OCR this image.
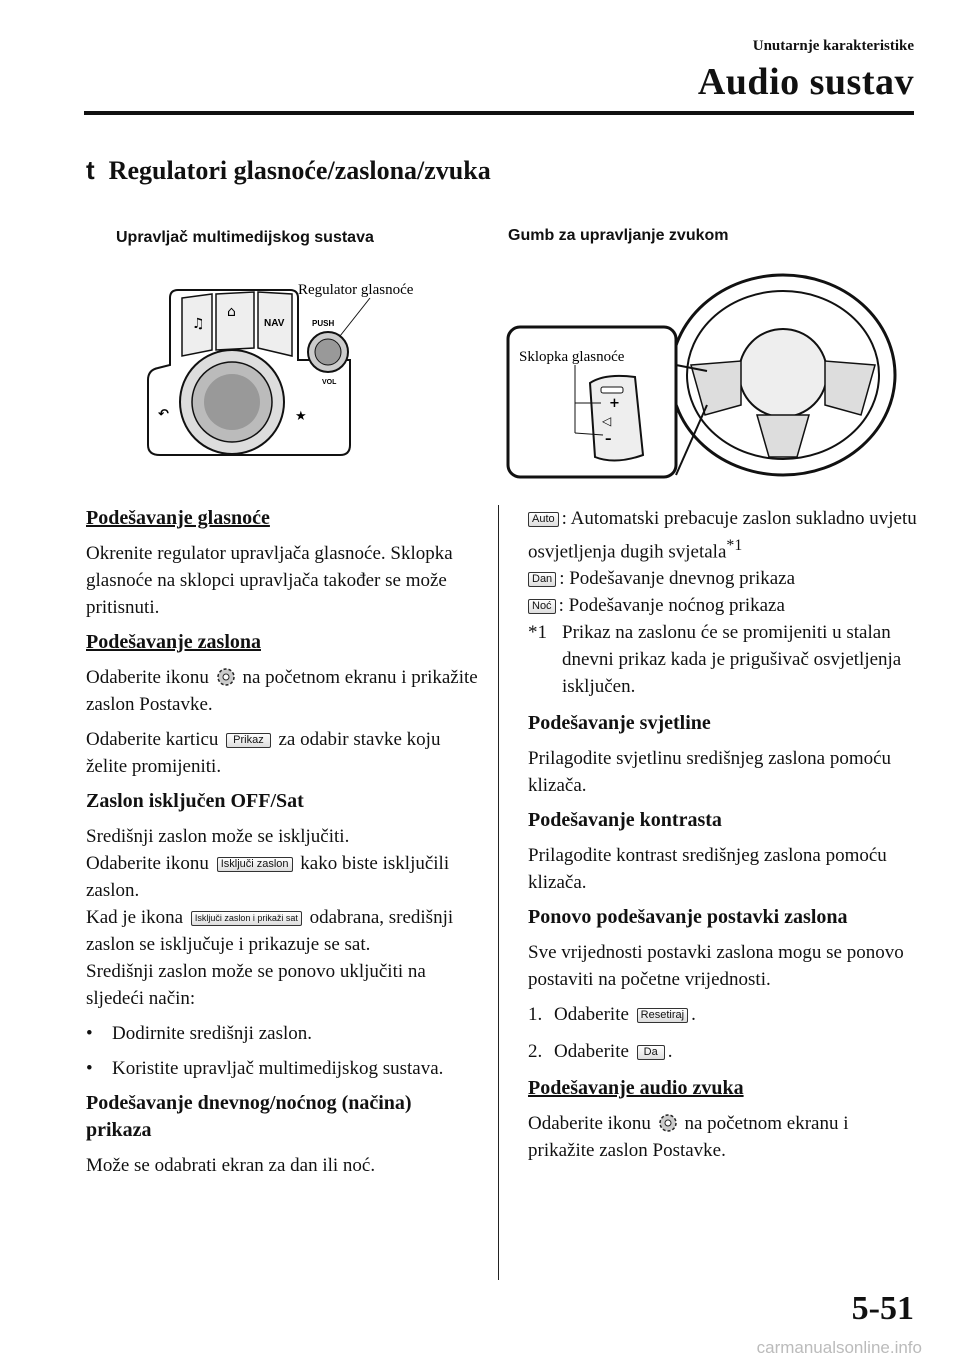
Unutarnje karakteristike
Audio sustav
t Regulatori glasnoće/zaslona/zvuka
Upravljač multimedijskog sustava
♫
⌂
NAV
↶	★
PUSH
VOL
Regulator glasnoće
Gumb za upravljanje zvukom
+
◁
–
Sklopka glasnoće
Podešavanje glasnoće

Okrenite regulator upravljača glasnoće. Sklopka glasnoće na sklopci upravljača također se može pritisnuti.

Podešavanje zaslona

Odaberite ikonu na početnom ekranu i prikažite zaslon Postavke.

Odaberite karticu Prikaz za odabir stavke koju želite promijeniti.

Zaslon isključen OFF/Sat

Središnji zaslon može se isključiti.

Odaberite ikonu Isključi zaslon kako biste isključili zaslon.

Kad je ikona Isključi zaslon i prikaži sat odabrana, središnji zaslon se isključuje i prikazuje se sat.

Središnji zaslon može se ponovo uključiti na sljedeći način:

•	Dodirnite središnji zaslon.
•	Koristite upravljač multimedijskog sustava.
Podešavanje dnevnog/noćnog (načina) prikaza

Može se odabrati ekran za dan ili noć.

Auto : Automatski prebacuje zaslon sukladno uvjetu osvjetljenja dugih svjetala$^{*1}$

Dan : Podešavanje dnevnog prikaza

Noć : Podešavanje noćnog prikaza

*1 Prikaz na zaslonu će se promijeniti u stalan dnevni prikaz kada je prigušivač osvjetljenja isključen.
Podešavanje svjetline

Prilagodite svjetlinu središnjeg zaslona pomoću klizača.

Podešavanje kontrasta

Prilagodite kontrast središnjeg zaslona pomoću klizača.

Ponovo podešavanje postavki zaslona

Sve vrijednosti postavki zaslona mogu se ponovo postaviti na početne vrijednosti.

1. Odaberite Resetiraj .
2. Odaberite Da .
Podešavanje audio zvuka

Odaberite ikonu na početnom ekranu i prikažite zaslon Postavke.

5-51
carmanualsonline.info
